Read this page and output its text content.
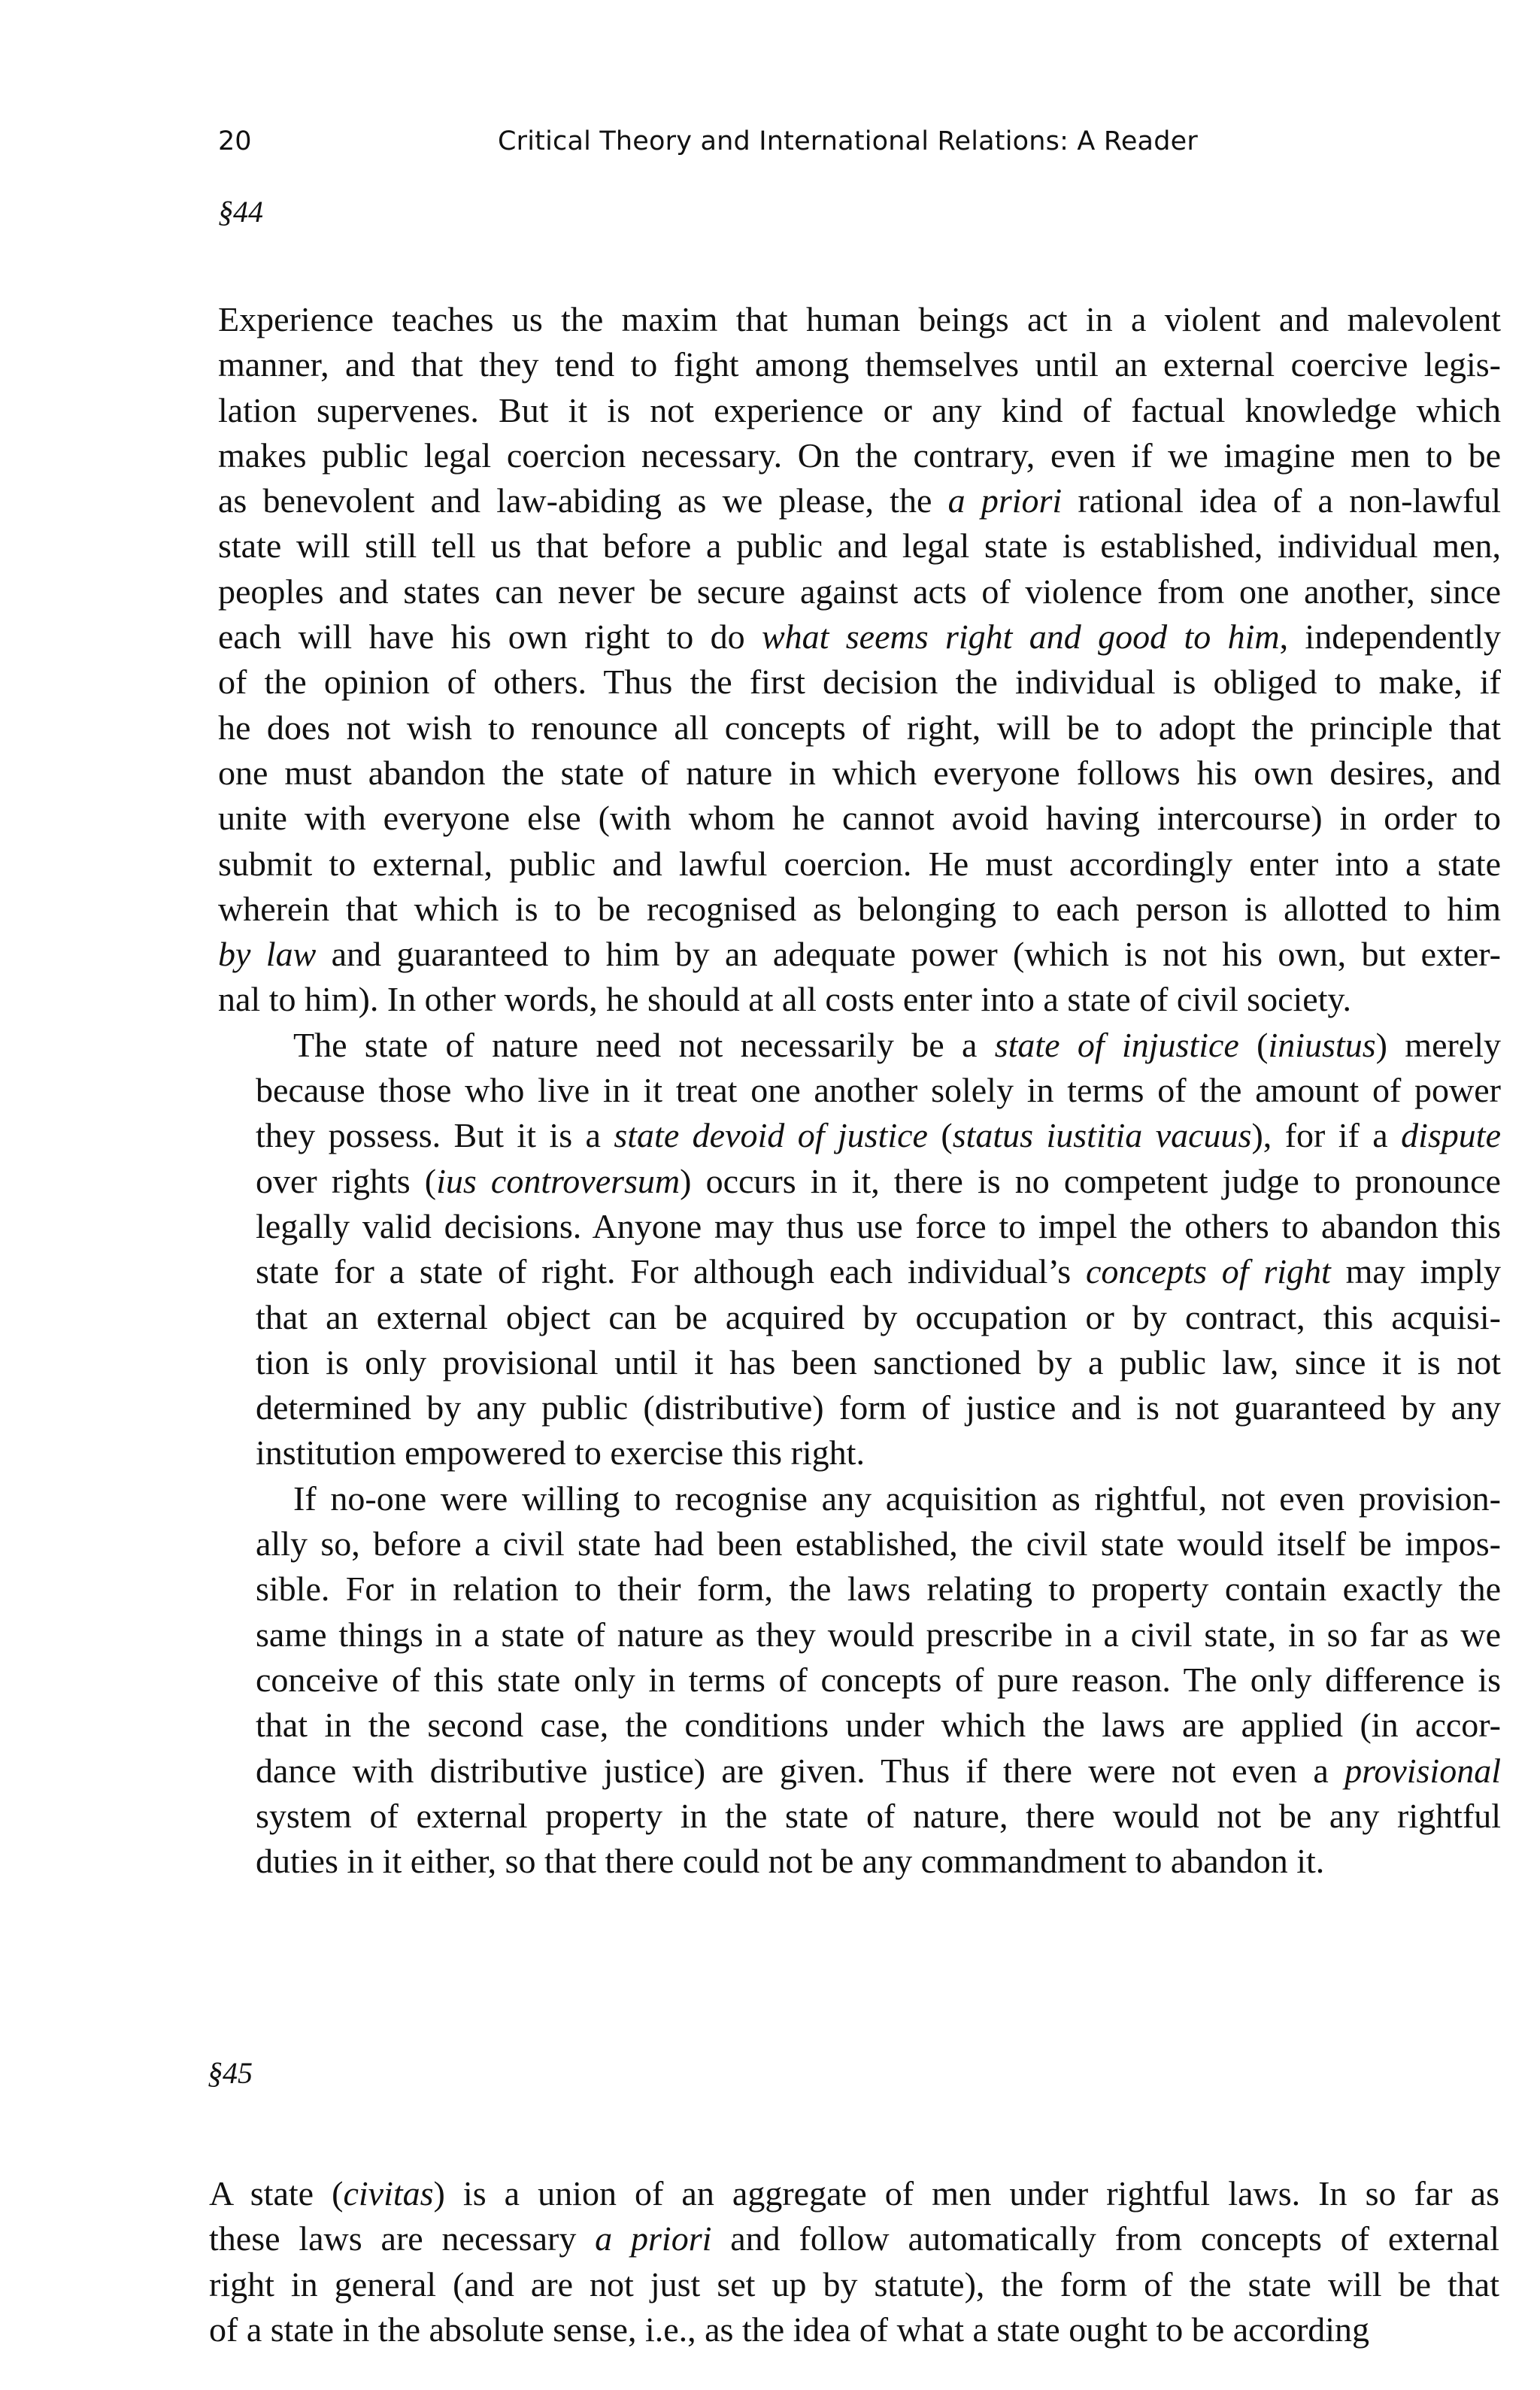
20	Critical Theory and International Relations: A Reader
§44
Experience teaches us the maxim that human beings act in a violent and malevolent
manner, and that they tend to fight among themselves until an external coercive legis-
lation supervenes. But it is not experience or any kind of factual knowledge which
makes public legal coercion necessary. On the contrary, even if we imagine men to be
as benevolent and law-abiding as we please, the a priori rational idea of a non-lawful
state will still tell us that before a public and legal state is established, individual men,
peoples and states can never be secure against acts of violence from one another, since
each will have his own right to do what seems right and good to him, independently
of the opinion of others. Thus the first decision the individual is obliged to make, if
he does not wish to renounce all concepts of right, will be to adopt the principle that
one must abandon the state of nature in which everyone follows his own desires, and
unite with everyone else (with whom he cannot avoid having intercourse) in order to
submit to external, public and lawful coercion. He must accordingly enter into a state
wherein that which is to be recognised as belonging to each person is allotted to him
by law and guaranteed to him by an adequate power (which is not his own, but exter-
nal to him). In other words, he should at all costs enter into a state of civil society.
The state of nature need not necessarily be a state of injustice (iniustus) merely
because those who live in it treat one another solely in terms of the amount of power
they possess. But it is a state devoid of justice (status iustitia vacuus), for if a dispute
over rights (ius controversum) occurs in it, there is no competent judge to pronounce
legally valid decisions. Anyone may thus use force to impel the others to abandon this
state for a state of right. For although each individual’s concepts of right may imply
that an external object can be acquired by occupation or by contract, this acquisi-
tion is only provisional until it has been sanctioned by a public law, since it is not
determined by any public (distributive) form of justice and is not guaranteed by any
institution empowered to exercise this right.
If no-one were willing to recognise any acquisition as rightful, not even provision-
ally so, before a civil state had been established, the civil state would itself be impos-
sible. For in relation to their form, the laws relating to property contain exactly the
same things in a state of nature as they would prescribe in a civil state, in so far as we
conceive of this state only in terms of concepts of pure reason. The only difference is
that in the second case, the conditions under which the laws are applied (in accor-
dance with distributive justice) are given. Thus if there were not even a provisional
system of external property in the state of nature, there would not be any rightful
duties in it either, so that there could not be any commandment to abandon it.
§45
A state (civitas) is a union of an aggregate of men under rightful laws. In so far as
these laws are necessary a priori and follow automatically from concepts of external
right in general (and are not just set up by statute), the form of the state will be that
of a state in the absolute sense, i.e., as the idea of what a state ought to be according
